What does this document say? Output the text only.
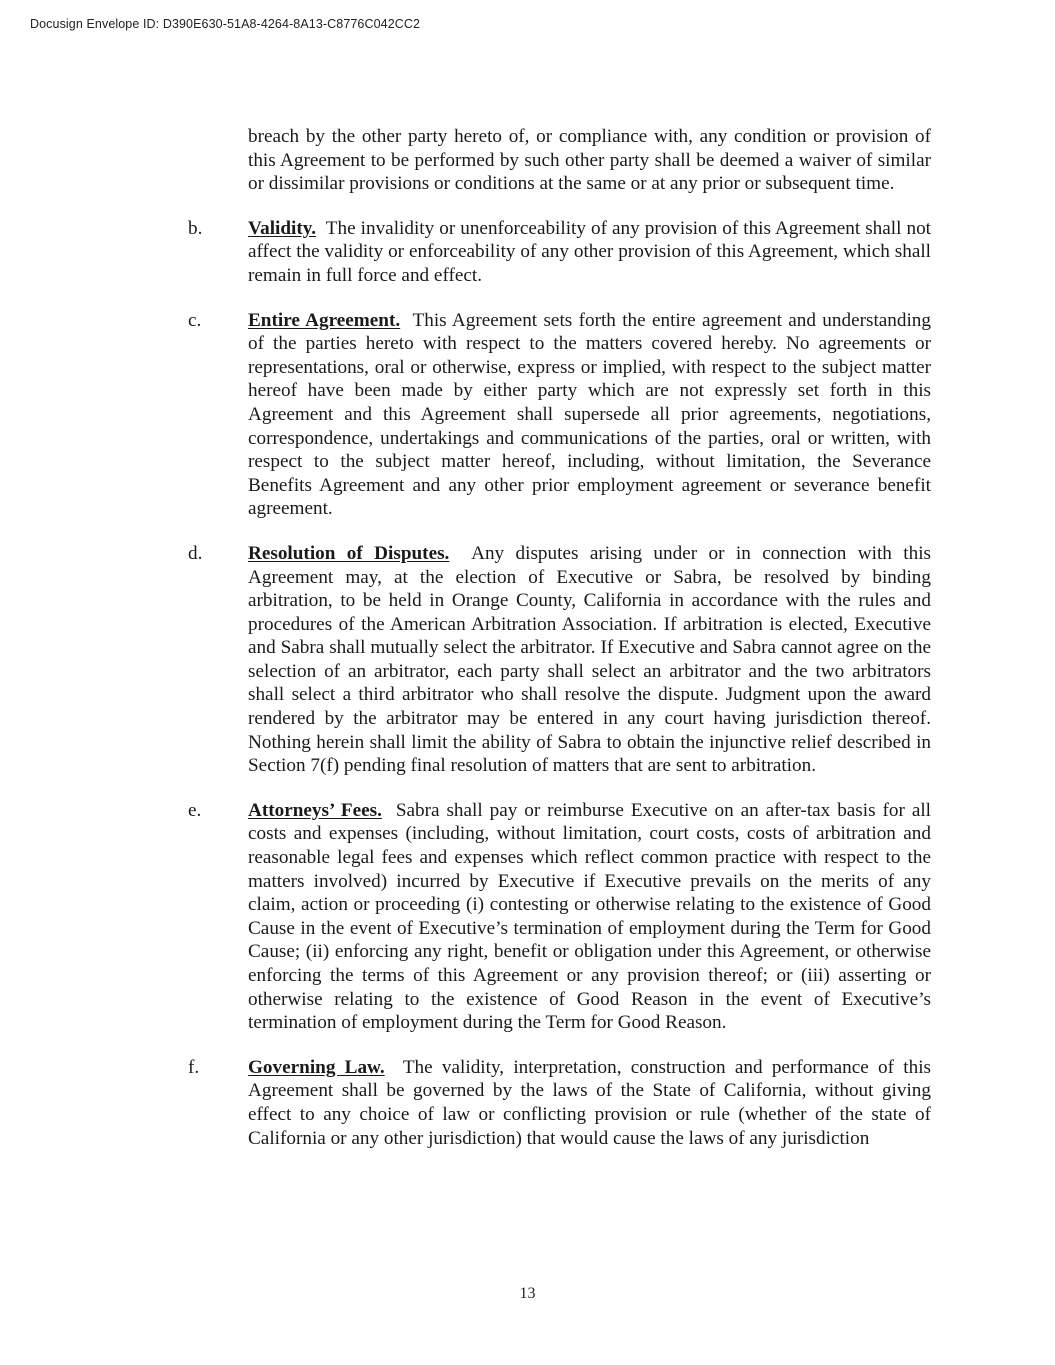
Docusign Envelope ID: D390E630-51A8-4264-8A13-C8776C042CC2
breach by the other party hereto of, or compliance with, any condition or provision of this Agreement to be performed by such other party shall be deemed a waiver of similar or dissimilar provisions or conditions at the same or at any prior or subsequent time.
b.	Validity. The invalidity or unenforceability of any provision of this Agreement shall not affect the validity or enforceability of any other provision of this Agreement, which shall remain in full force and effect.
c.	Entire Agreement. This Agreement sets forth the entire agreement and understanding of the parties hereto with respect to the matters covered hereby. No agreements or representations, oral or otherwise, express or implied, with respect to the subject matter hereof have been made by either party which are not expressly set forth in this Agreement and this Agreement shall supersede all prior agreements, negotiations, correspondence, undertakings and communications of the parties, oral or written, with respect to the subject matter hereof, including, without limitation, the Severance Benefits Agreement and any other prior employment agreement or severance benefit agreement.
d.	Resolution of Disputes. Any disputes arising under or in connection with this Agreement may, at the election of Executive or Sabra, be resolved by binding arbitration, to be held in Orange County, California in accordance with the rules and procedures of the American Arbitration Association. If arbitration is elected, Executive and Sabra shall mutually select the arbitrator. If Executive and Sabra cannot agree on the selection of an arbitrator, each party shall select an arbitrator and the two arbitrators shall select a third arbitrator who shall resolve the dispute. Judgment upon the award rendered by the arbitrator may be entered in any court having jurisdiction thereof. Nothing herein shall limit the ability of Sabra to obtain the injunctive relief described in Section 7(f) pending final resolution of matters that are sent to arbitration.
e.	Attorneys’ Fees. Sabra shall pay or reimburse Executive on an after-tax basis for all costs and expenses (including, without limitation, court costs, costs of arbitration and reasonable legal fees and expenses which reflect common practice with respect to the matters involved) incurred by Executive if Executive prevails on the merits of any claim, action or proceeding (i) contesting or otherwise relating to the existence of Good Cause in the event of Executive’s termination of employment during the Term for Good Cause; (ii) enforcing any right, benefit or obligation under this Agreement, or otherwise enforcing the terms of this Agreement or any provision thereof; or (iii) asserting or otherwise relating to the existence of Good Reason in the event of Executive’s termination of employment during the Term for Good Reason.
f.	Governing Law. The validity, interpretation, construction and performance of this Agreement shall be governed by the laws of the State of California, without giving effect to any choice of law or conflicting provision or rule (whether of the state of California or any other jurisdiction) that would cause the laws of any jurisdiction
13
